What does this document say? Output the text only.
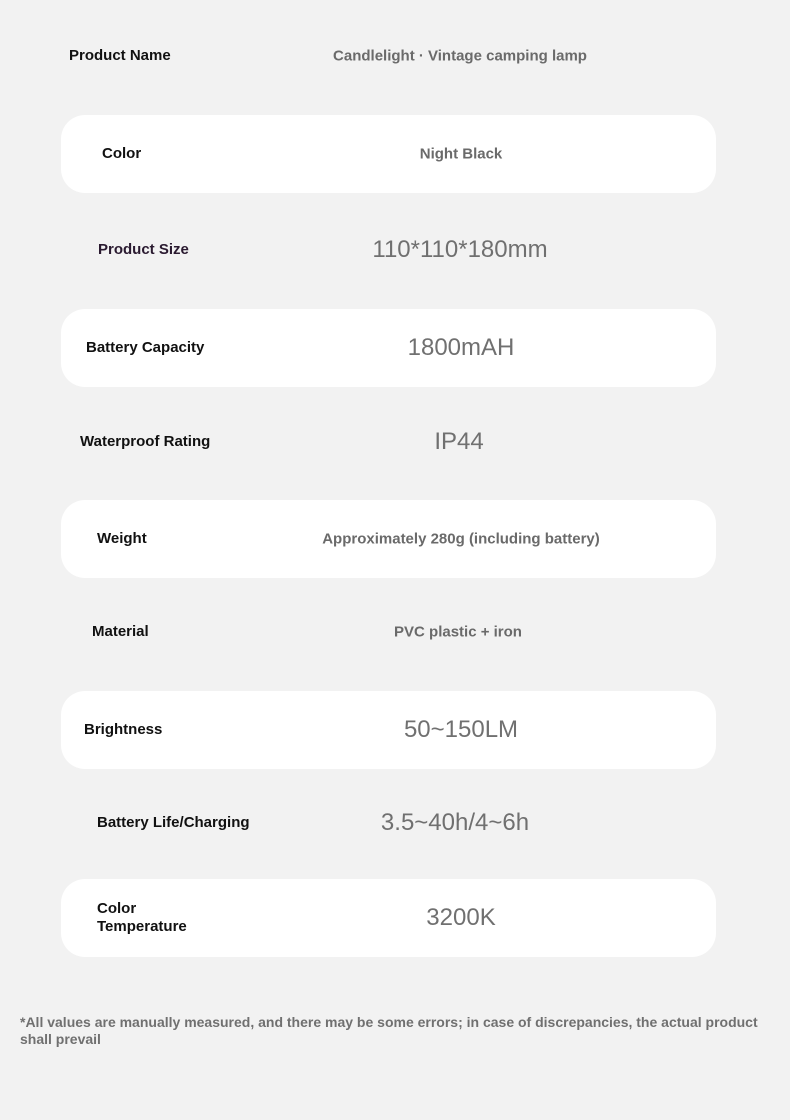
Product Name	Candlelight · Vintage camping lamp
Color	Night Black
Product Size	110*110*180mm
Battery Capacity	1800mAH
Waterproof Rating	IP44
Weight	Approximately 280g (including battery)
Material	PVC plastic + iron
Brightness	50~150LM
Battery Life/Charging	3.5~40h/4~6h
Color Temperature	3200K

*All values are manually measured, and there may be some errors; in case of discrepancies, the actual product shall prevail
